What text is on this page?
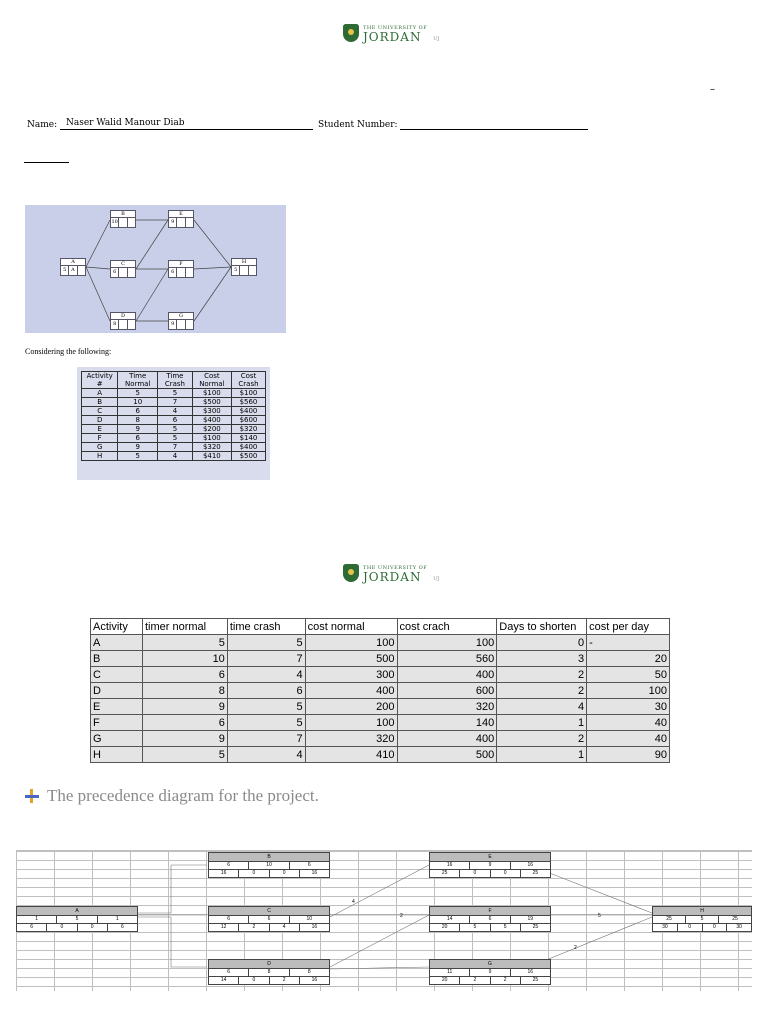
THE UNIVERSITY OF
JORDAN	UJ
–
Name: Naser Walid Manour Diab	Student Number:
A
5 A
B
10
C
6
D
8
E
9
F
6
G
9
H
5
Considering the following:
Activity #	Time Normal	Time Crash	Cost Normal	Cost Crash
A	5	5	$100	$100
B	10	7	$500	$560
C	6	4	$300	$400
D	8	6	$400	$600
E	9	5	$200	$320
F	6	5	$100	$140
G	9	7	$320	$400
H	5	4	$410	$500
THE UNIVERSITY OF
JORDAN	UJ
Activity	timer normal	time crash	cost normal	cost crach	Days to shorten	cost per day
A	5	5	100	100	0	-
B	10	7	500	560	3	20
C	6	4	300	400	2	50
D	8	6	400	600	2	100
E	9	5	200	320	4	30
F	6	5	100	140	1	40
G	9	7	320	400	2	40
H	5	4	410	500	1	90
The precedence diagram for the project.
A
1	5	1
6	0	0	6
B
6	10	6
16	0	0	16
C
6	6	10
12	2	4	16
D
6	8	8
14	0	2	16
E
16	9	16
25	0	0	25
F
14	6	19
20	5	5	25
G
11	9	16
20	2	2	25
H
25	5	25
30	0	0	30
4
2	5
2
